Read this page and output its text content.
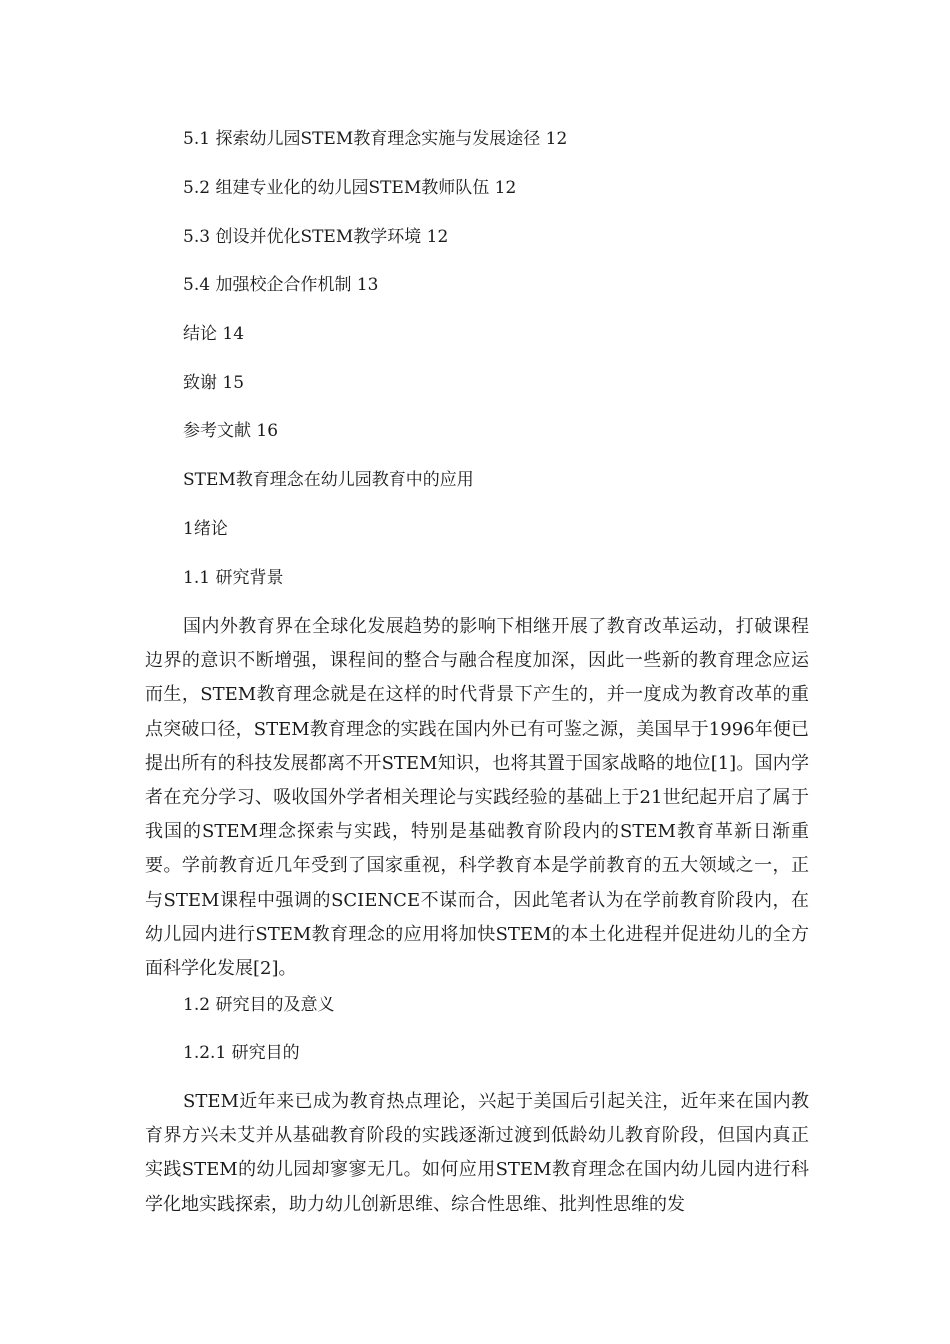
5.1 探索幼儿园STEM教育理念实施与发展途径 12
5.2 组建专业化的幼儿园STEM教师队伍 12
5.3 创设并优化STEM教学环境 12
5.4 加强校企合作机制 13
结论 14
致谢 15
参考文献 16
STEM教育理念在幼儿园教育中的应用
1绪论
1.1 研究背景

国内外教育界在全球化发展趋势的影响下相继开展了教育改革运动，打破课程边界的意识不断增强，课程间的整合与融合程度加深，因此一些新的教育理念应运而生，STEM教育理念就是在这样的时代背景下产生的，并一度成为教育改革的重点突破口径，STEM教育理念的实践在国内外已有可鉴之源，美国早于1996年便已提出所有的科技发展都离不开STEM知识，也将其置于国家战略的地位[1]。国内学者在充分学习、吸收国外学者相关理论与实践经验的基础上于21世纪起开启了属于我国的STEM理念探索与实践，特别是基础教育阶段内的STEM教育革新日渐重要。学前教育近几年受到了国家重视，科学教育本是学前教育的五大领域之一，正与STEM课程中强调的SCIENCE不谋而合，因此笔者认为在学前教育阶段内，在幼儿园内进行STEM教育理念的应用将加快STEM的本土化进程并促进幼儿的全方面科学化发展[2]。

1.2 研究目的及意义
1.2.1 研究目的

STEM近年来已成为教育热点理论，兴起于美国后引起关注，近年来在国内教育界方兴未艾并从基础教育阶段的实践逐渐过渡到低龄幼儿教育阶段，但国内真正实践STEM的幼儿园却寥寥无几。如何应用STEM教育理念在国内幼儿园内进行科学化地实践探索，助力幼儿创新思维、综合性思维、批判性思维的发
